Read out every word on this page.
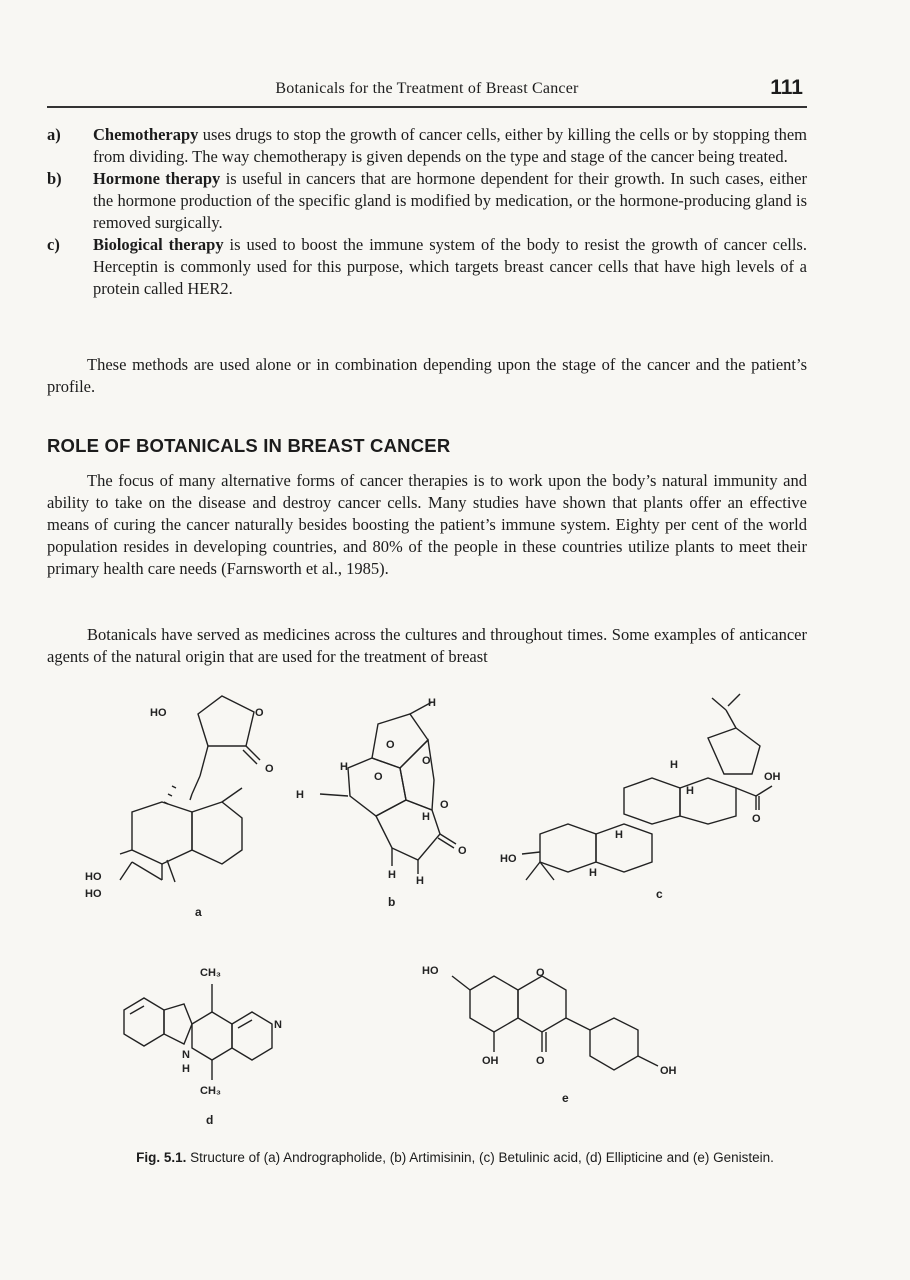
Botanicals for the Treatment of Breast Cancer	111
a) Chemotherapy uses drugs to stop the growth of cancer cells, either by killing the cells or by stopping them from dividing. The way chemotherapy is given depends on the type and stage of the cancer being treated.
b) Hormone therapy is useful in cancers that are hormone dependent for their growth. In such cases, either the hormone production of the specific gland is modified by medication, or the hormone-producing gland is removed surgically.
c) Biological therapy is used to boost the immune system of the body to resist the growth of cancer cells. Herceptin is commonly used for this purpose, which targets breast cancer cells that have high levels of a protein called HER2.

These methods are used alone or in combination depending upon the stage of the cancer and the patient’s profile.

ROLE OF BOTANICALS IN BREAST CANCER

The focus of many alternative forms of cancer therapies is to work upon the body’s natural immunity and ability to take on the disease and destroy cancer cells. Many studies have shown that plants offer an effective means of curing the cancer naturally besides boosting the patient’s immune system. Eighty per cent of the world population resides in developing countries, and 80% of the people in these countries utilize plants to meet their primary health care needs (Farnsworth et al., 1985).

Botanicals have served as medicines across the cultures and throughout times. Some examples of anticancer agents of the natural origin that are used for the treatment of breast

HO	O
O
HO
HO
a
H
O
O
O
H
H
O
H
O
H H
b
OH
O
H
H
H
H
HO
c
CH₃
N
N
H
CH₃
d
HO	O
OH	O
OH
e
Fig. 5.1. Structure of (a) Andrographolide, (b) Artimisinin, (c) Betulinic acid, (d) Ellipticine and (e) Genistein.
